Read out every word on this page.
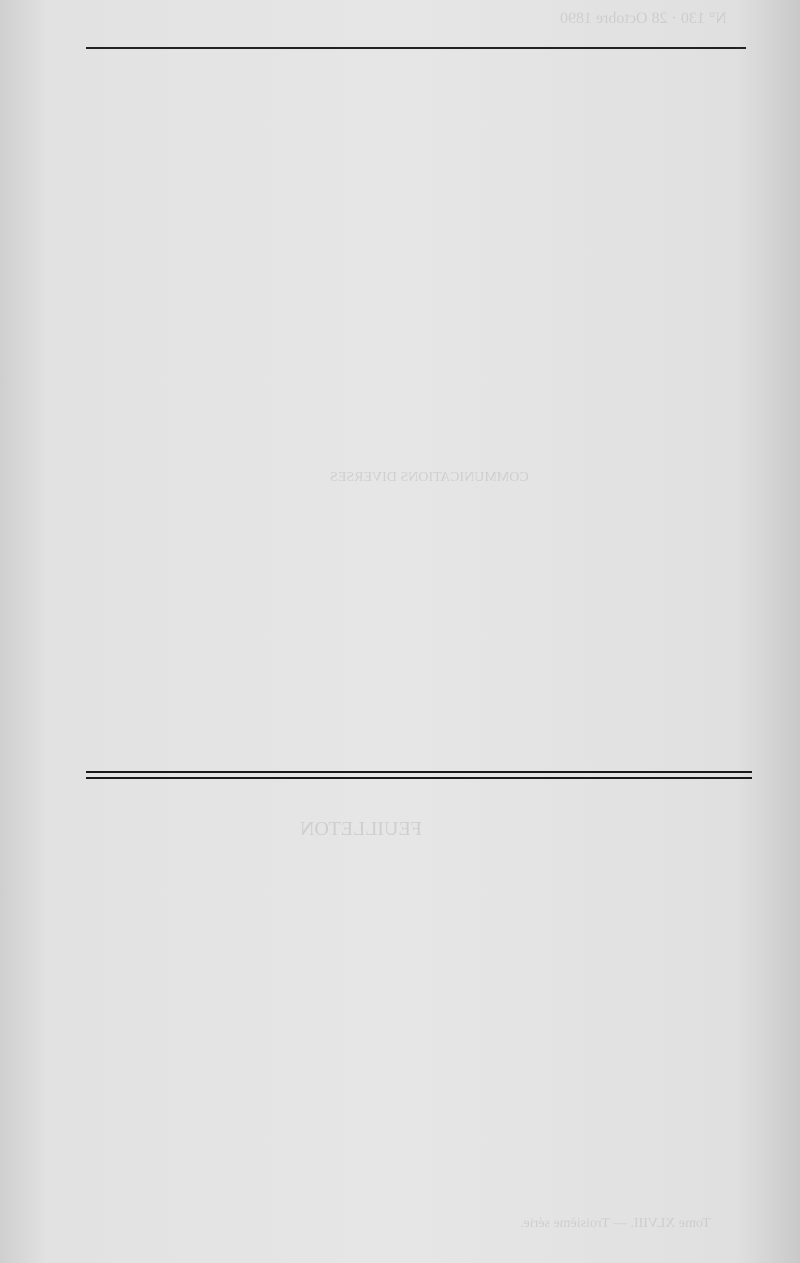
N° 130 · 28 Octobre 1890
COMMUNICATIONS DIVERSES
FEUILLETON
Tome XLVIII. — Troisième série.
